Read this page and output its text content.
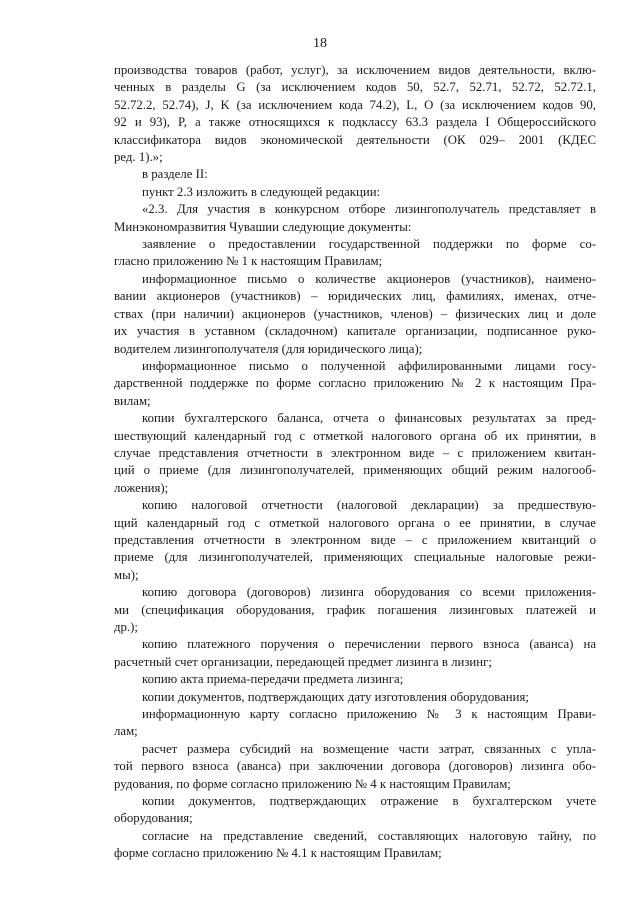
18

производства товаров (работ, услуг), за исключением видов деятельности, вклю-
ченных в разделы G (за исключением кодов 50, 52.7, 52.71, 52.72, 52.72.1,
52.72.2, 52.74), J, K (за исключением кода 74.2), L, O (за исключением кодов 90,
92 и 93), P, а также относящихся к подклассу 63.3 раздела I Общероссийского
классификатора видов экономической деятельности (ОК 029– 2001 (КДЕС
ред. 1).»;

в разделе II:

пункт 2.3 изложить в следующей редакции:

«2.3. Для участия в конкурсном отборе лизингополучатель представляет в
Минэкономразвития Чувашии следующие документы:

заявление о предоставлении государственной поддержки по форме со-
гласно приложению № 1 к настоящим Правилам;

информационное письмо о количестве акционеров (участников), наимено-
вании акционеров (участников) – юридических лиц, фамилиях, именах, отче-
ствах (при наличии) акционеров (участников, членов) – физических лиц и доле
их участия в уставном (складочном) капитале организации, подписанное руко-
водителем лизингополучателя (для юридического лица);

информационное письмо о полученной аффилированными лицами госу-
дарственной поддержке по форме согласно приложению № 2 к настоящим Пра-
вилам;

копии бухгалтерского баланса, отчета о финансовых результатах за пред-
шествующий календарный год с отметкой налогового органа об их принятии, в
случае представления отчетности в электронном виде – с приложением квитан-
ций о приеме (для лизингополучателей, применяющих общий режим налогооб-
ложения);

копию налоговой отчетности (налоговой декларации) за предшествую-
щий календарный год с отметкой налогового органа о ее принятии, в случае
представления отчетности в электронном виде – с приложением квитанций о
приеме (для лизингополучателей, применяющих специальные налоговые режи-
мы);

копию договора (договоров) лизинга оборудования со всеми приложения-
ми (спецификация оборудования, график погашения лизинговых платежей и
др.);

копию платежного поручения о перечислении первого взноса (аванса) на
расчетный счет организации, передающей предмет лизинга в лизинг;

копию акта приема-передачи предмета лизинга;

копии документов, подтверждающих дату изготовления оборудования;

информационную карту согласно приложению № 3 к настоящим Прави-
лам;

расчет размера субсидий на возмещение части затрат, связанных с упла-
той первого взноса (аванса) при заключении договора (договоров) лизинга обо-
рудования, по форме согласно приложению № 4 к настоящим Правилам;

копии документов, подтверждающих отражение в бухгалтерском учете
оборудования;

согласие на представление сведений, составляющих налоговую тайну, по
форме согласно приложению № 4.1 к настоящим Правилам;
